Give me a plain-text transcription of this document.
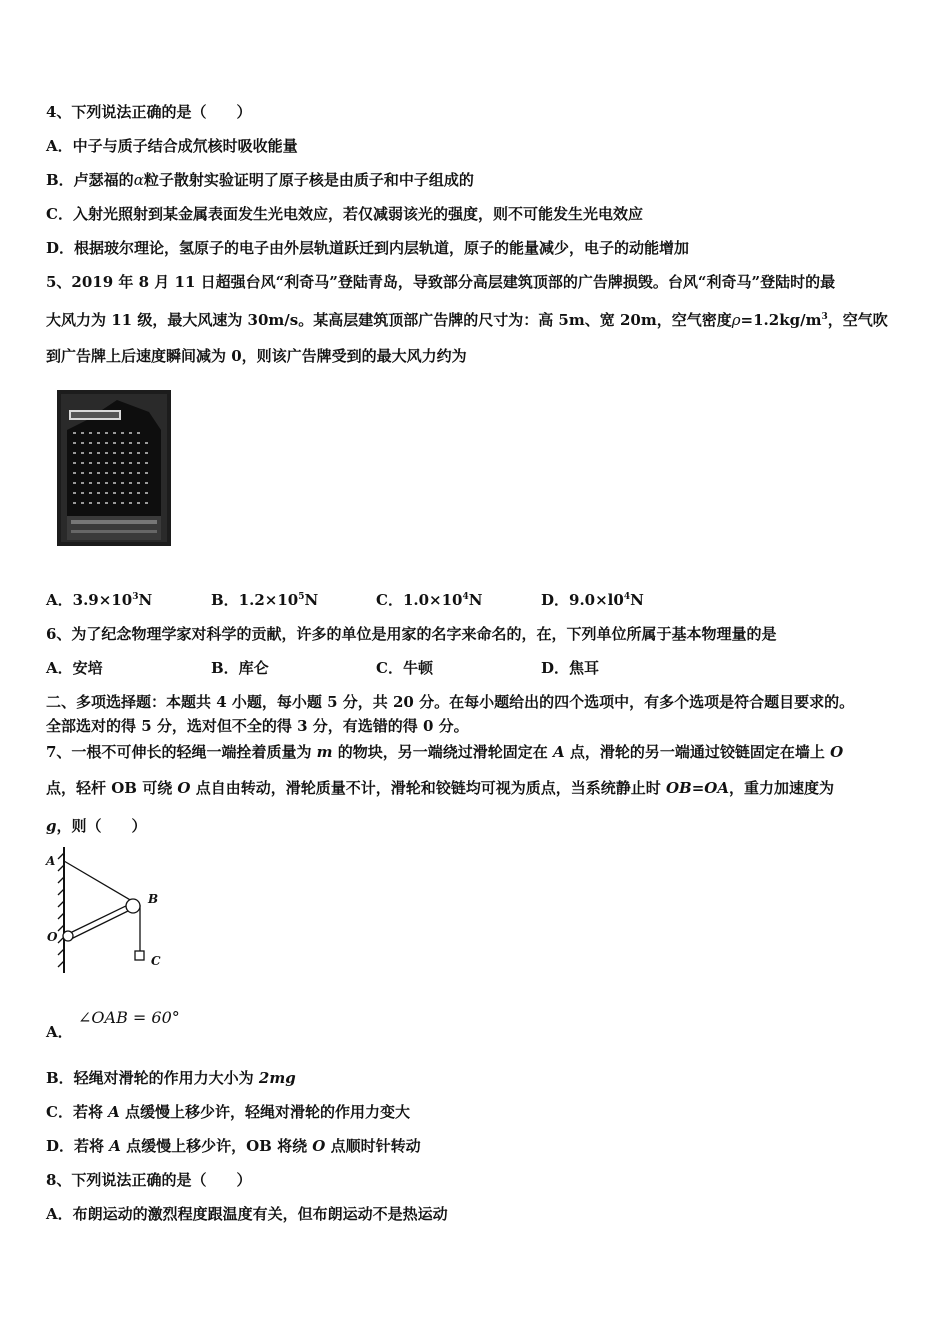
4、下列说法正确的是（　　）
A．中子与质子结合成氘核时吸收能量
B．卢瑟福的α粒子散射实验证明了原子核是由质子和中子组成的
C．入射光照射到某金属表面发生光电效应，若仅减弱该光的强度，则不可能发生光电效应
D．根据玻尔理论，氢原子的电子由外层轨道跃迁到内层轨道，原子的能量减少，电子的动能增加
5、2019 年 8 月 11 日超强台风“利奇马”登陆青岛，导致部分高层建筑顶部的广告牌损毁。台风“利奇马”登陆时的最
大风力为 11 级，最大风速为 30m/s。某高层建筑顶部广告牌的尺寸为：高 5m、宽 20m，空气密度$\rho=1.2kg/m^3$，空气吹
到广告牌上后速度瞬间减为 0，则该广告牌受到的最大风力约为
A．$3.9\times 10^3N$	B．$1.2\times 10^5N$	C．$1.0\times 10^4N$	D．$9.0\times l0^4N$
6、为了纪念物理学家对科学的贡献，许多的单位是用家的名字来命名的，在，下列单位所属于基本物理量的是
A．安培	B．库仑	C．牛顿	D．焦耳
二、多项选择题：本题共 4 小题，每小题 5 分，共 20 分。在每小题给出的四个选项中，有多个选项是符合题目要求的。
全部选对的得 5 分，选对但不全的得 3 分，有选错的得 0 分。
7、一根不可伸长的轻绳一端拴着质量为 m 的物块，另一端绕过滑轮固定在 A 点，滑轮的另一端通过铰链固定在墙上 O
点，轻杆 OB 可绕 O 点自由转动，滑轮质量不计，滑轮和铰链均可视为质点，当系统静止时 OB=OA，重力加速度为
g，则（　　）
A
B
O
C
∠OAB = 60°
A．
B．轻绳对滑轮的作用力大小为 2mg
C．若将 A 点缓慢上移少许，轻绳对滑轮的作用力变大
D．若将 A 点缓慢上移少许，OB 将绕 O 点顺时针转动
8、下列说法正确的是（　　）
A．布朗运动的激烈程度跟温度有关，但布朗运动不是热运动
